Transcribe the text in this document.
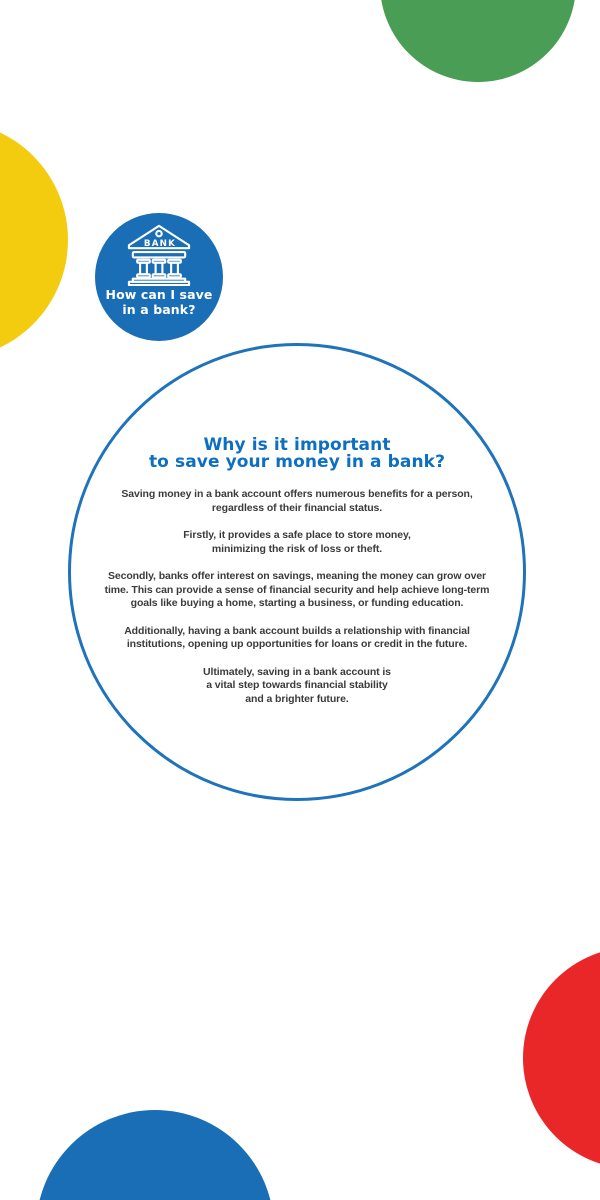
BANK
How can I save
in a bank?
Why is it important
to save your money in a bank?
Saving money in a bank account offers numerous benefits for a person,
regardless of their financial status.
Firstly, it provides a safe place to store money,
minimizing the risk of loss or theft.
Secondly, banks offer interest on savings, meaning the money can grow over
time. This can provide a sense of financial security and help achieve long-term
goals like buying a home, starting a business, or funding education.
Additionally, having a bank account builds a relationship with financial
institutions, opening up opportunities for loans or credit in the future.
Ultimately, saving in a bank account is
a vital step towards financial stability
and a brighter future.
